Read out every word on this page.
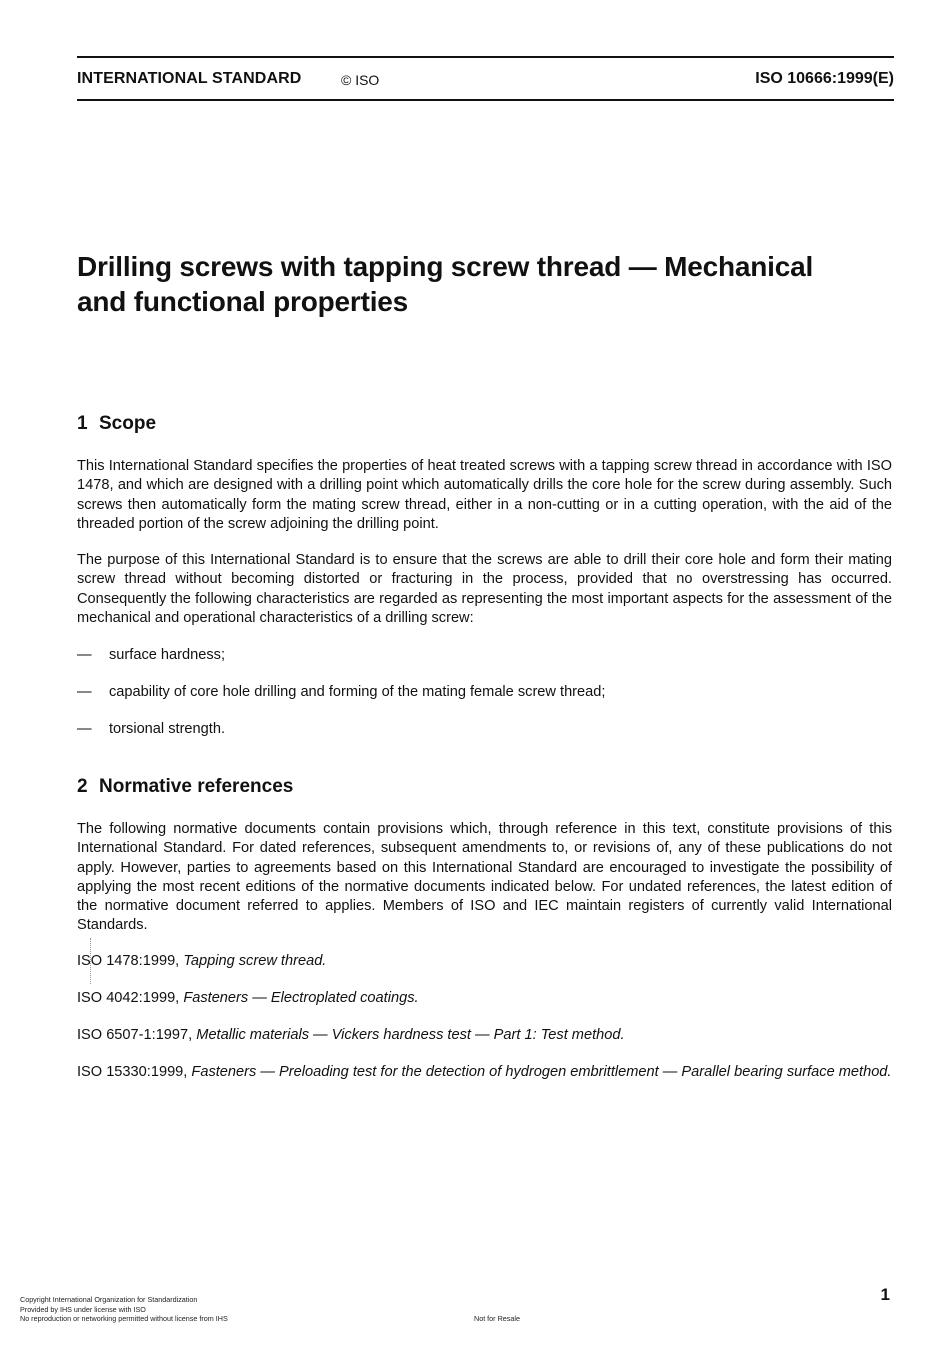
INTERNATIONAL STANDARD	© ISO	ISO 10666:1999(E)
Drilling screws with tapping screw thread — Mechanical
and functional properties
1 Scope

This International Standard specifies the properties of heat treated screws with a tapping screw thread in accordance with ISO 1478, and which are designed with a drilling point which automatically drills the core hole for the screw during assembly. Such screws then automatically form the mating screw thread, either in a non-cutting or in a cutting operation, with the aid of the threaded portion of the screw adjoining the drilling point.

The purpose of this International Standard is to ensure that the screws are able to drill their core hole and form their mating screw thread without becoming distorted or fracturing in the process, provided that no overstressing has occurred. Consequently the following characteristics are regarded as representing the most important aspects for the assessment of the mechanical and operational characteristics of a drilling screw:

— surface hardness;
— capability of core hole drilling and forming of the mating female screw thread;
— torsional strength.
2 Normative references

The following normative documents contain provisions which, through reference in this text, constitute provisions of this International Standard. For dated references, subsequent amendments to, or revisions of, any of these publications do not apply. However, parties to agreements based on this International Standard are encouraged to investigate the possibility of applying the most recent editions of the normative documents indicated below. For undated references, the latest edition of the normative document referred to applies. Members of ISO and IEC maintain registers of currently valid International Standards.

ISO 1478:1999, Tapping screw thread.

ISO 4042:1999, Fasteners — Electroplated coatings.

ISO 6507-1:1997, Metallic materials — Vickers hardness test — Part 1: Test method.

ISO 15330:1999, Fasteners — Preloading test for the detection of hydrogen embrittlement — Parallel bearing surface method.

Copyright International Organization for Standardization
Provided by IHS under license with ISO
No reproduction or networking permitted without license from IHS	Not for Resale
1
